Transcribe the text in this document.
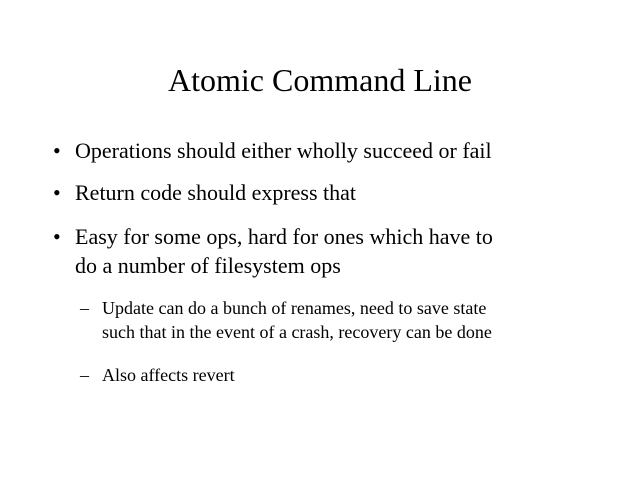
Atomic Command Line
• Operations should either wholly succeed or fail
• Return code should express that
• Easy for some ops, hard for ones which have to
do a number of filesystem ops
– Update can do a bunch of renames, need to save state
such that in the event of a crash, recovery can be done
– Also affects revert
